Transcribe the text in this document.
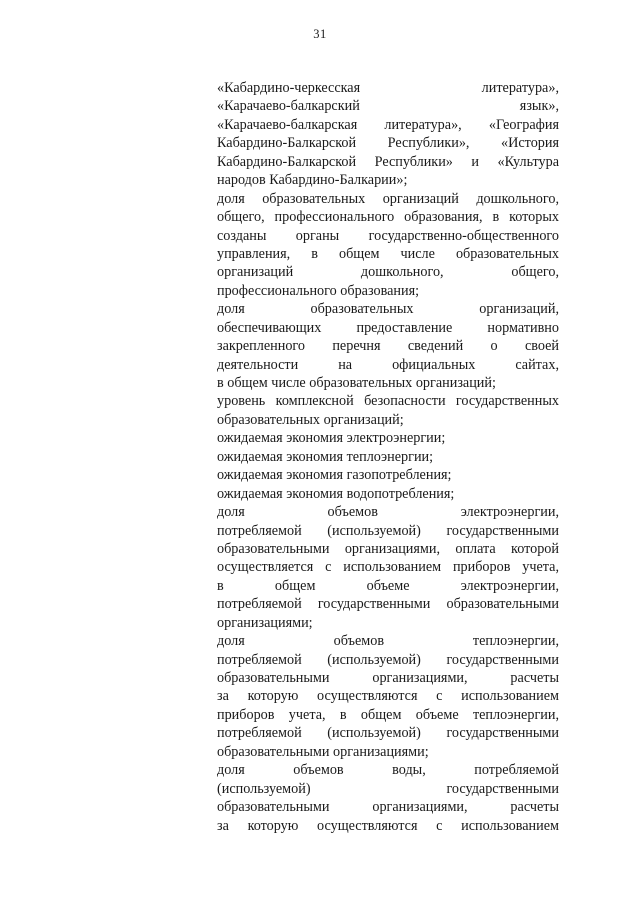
31
«Кабардино-черкесская литература»,
«Карачаево-балкарский язык»,
«Карачаево-балкарская литература», «География
Кабардино-Балкарской Республики», «История
Кабардино-Балкарской Республики» и «Культура
народов Кабардино-Балкарии»;
доля образовательных организаций дошкольного,
общего, профессионального образования, в которых
созданы органы государственно-общественного
управления, в общем числе образовательных
организаций дошкольного, общего,
профессионального образования;
доля образовательных организаций,
обеспечивающих предоставление нормативно
закрепленного перечня сведений о своей
деятельности на официальных сайтах,
в общем числе образовательных организаций;
уровень комплексной безопасности государственных
образовательных организаций;
ожидаемая экономия электроэнергии;
ожидаемая экономия теплоэнергии;
ожидаемая экономия газопотребления;
ожидаемая экономия водопотребления;
доля объемов электроэнергии,
потребляемой (используемой) государственными
образовательными организациями, оплата которой
осуществляется с использованием приборов учета,
в общем объеме электроэнергии,
потребляемой государственными образовательными
организациями;
доля объемов теплоэнергии,
потребляемой (используемой) государственными
образовательными организациями, расчеты
за которую осуществляются с использованием
приборов учета, в общем объеме теплоэнергии,
потребляемой (используемой) государственными
образовательными организациями;
доля объемов воды, потребляемой
(используемой) государственными
образовательными организациями, расчеты
за которую осуществляются с использованием
